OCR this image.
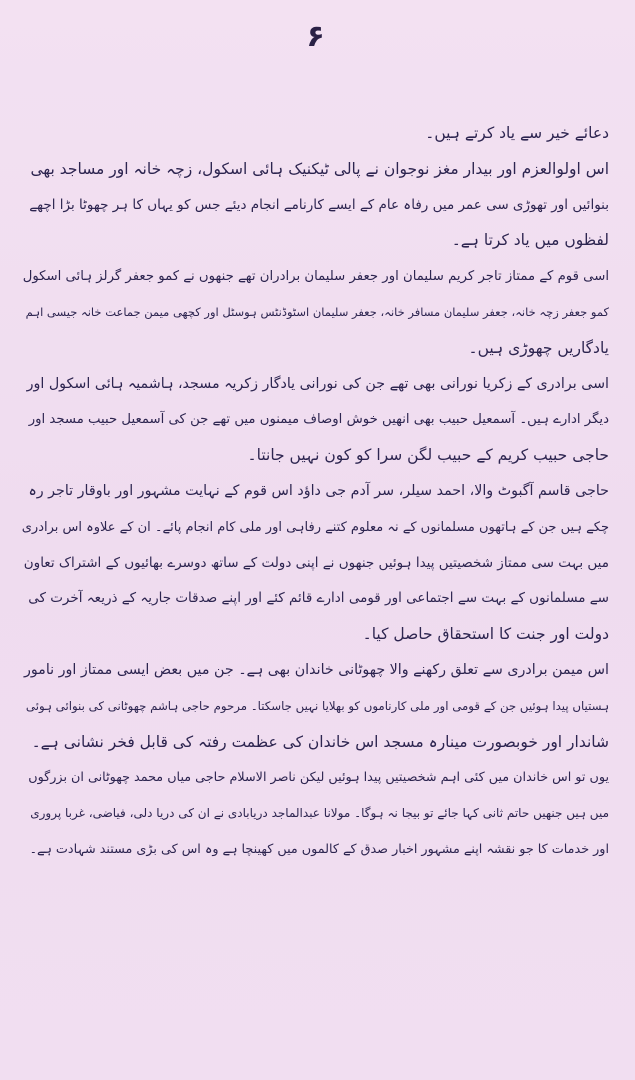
۶
دعائے خیر سے یاد کرتے ہیں۔
اس اولوالعزم اور بیدار مغز نوجوان نے پالی ٹیکنیک ہائی اسکول، زچہ خانہ اور مساجد بھی
بنوائیں اور تھوڑی سی عمر میں رفاہ عام کے ایسے کارنامے انجام دیئے جس کو یہاں کا ہر چھوٹا بڑا اچھے
لفظوں میں یاد کرتا ہے۔
اسی قوم کے ممتاز تاجر کریم سلیمان اور جعفر سلیمان برادران تھے جنھوں نے کمو جعفر گرلز ہائی اسکول
کمو جعفر زچہ خانہ، جعفر سلیمان مسافر خانہ، جعفر سلیمان اسٹوڈنٹس ہوسٹل اور کچھی میمن جماعت خانہ جیسی اہم
یادگاریں چھوڑی ہیں۔
اسی برادری کے زکریا نورانی بھی تھے جن کی نورانی یادگار زکریہ مسجد، ہاشمیہ ہائی اسکول اور
دیگر ادارے ہیں۔ آسمعیل حبیب بھی انھیں خوش اوصاف میمنوں میں تھے جن کی آسمعیل حبیب مسجد اور
حاجی حبیب کریم کے حبیب لگن سرا کو کون نہیں جانتا۔
حاجی قاسم آگبوٹ والا، احمد سیلر، سر آدم جی داؤد اس قوم کے نہایت مشہور اور باوقار تاجر رہ
چکے ہیں جن کے ہاتھوں مسلمانوں کے نہ معلوم کتنے رفاہی اور ملی کام انجام پائے۔ ان کے علاوہ اس برادری
میں بہت سی ممتاز شخصیتیں پیدا ہوئیں جنھوں نے اپنی دولت کے ساتھ دوسرے بھائیوں کے اشتراک تعاون
سے مسلمانوں کے بہت سے اجتماعی اور قومی ادارے قائم کئے اور اپنے صدقات جاریہ کے ذریعہ آخرت کی
دولت اور جنت کا استحقاق حاصل کیا۔
اس میمن برادری سے تعلق رکھنے والا چھوٹانی خاندان بھی ہے۔ جن میں بعض ایسی ممتاز اور نامور
ہستیاں پیدا ہوئیں جن کے قومی اور ملی کارناموں کو بھلایا نہیں جاسکتا۔ مرحوم حاجی ہاشم چھوٹانی کی بنوائی ہوئی
شاندار اور خوبصورت مینارہ مسجد اس خاندان کی عظمت رفتہ کی قابل فخر نشانی ہے۔
یوں تو اس خاندان میں کئی اہم شخصیتیں پیدا ہوئیں لیکن ناصر الاسلام حاجی میاں محمد چھوٹانی ان بزرگوں
میں ہیں جنھیں حاتم ثانی کہا جائے تو بیجا نہ ہوگا۔ مولانا عبدالماجد دریابادی نے ان کی دریا دلی، فیاضی، غربا پروری
اور خدمات کا جو نقشہ اپنے مشہور اخبار صدق کے کالموں میں کھینچا ہے وہ اس کی بڑی مستند شہادت ہے۔
